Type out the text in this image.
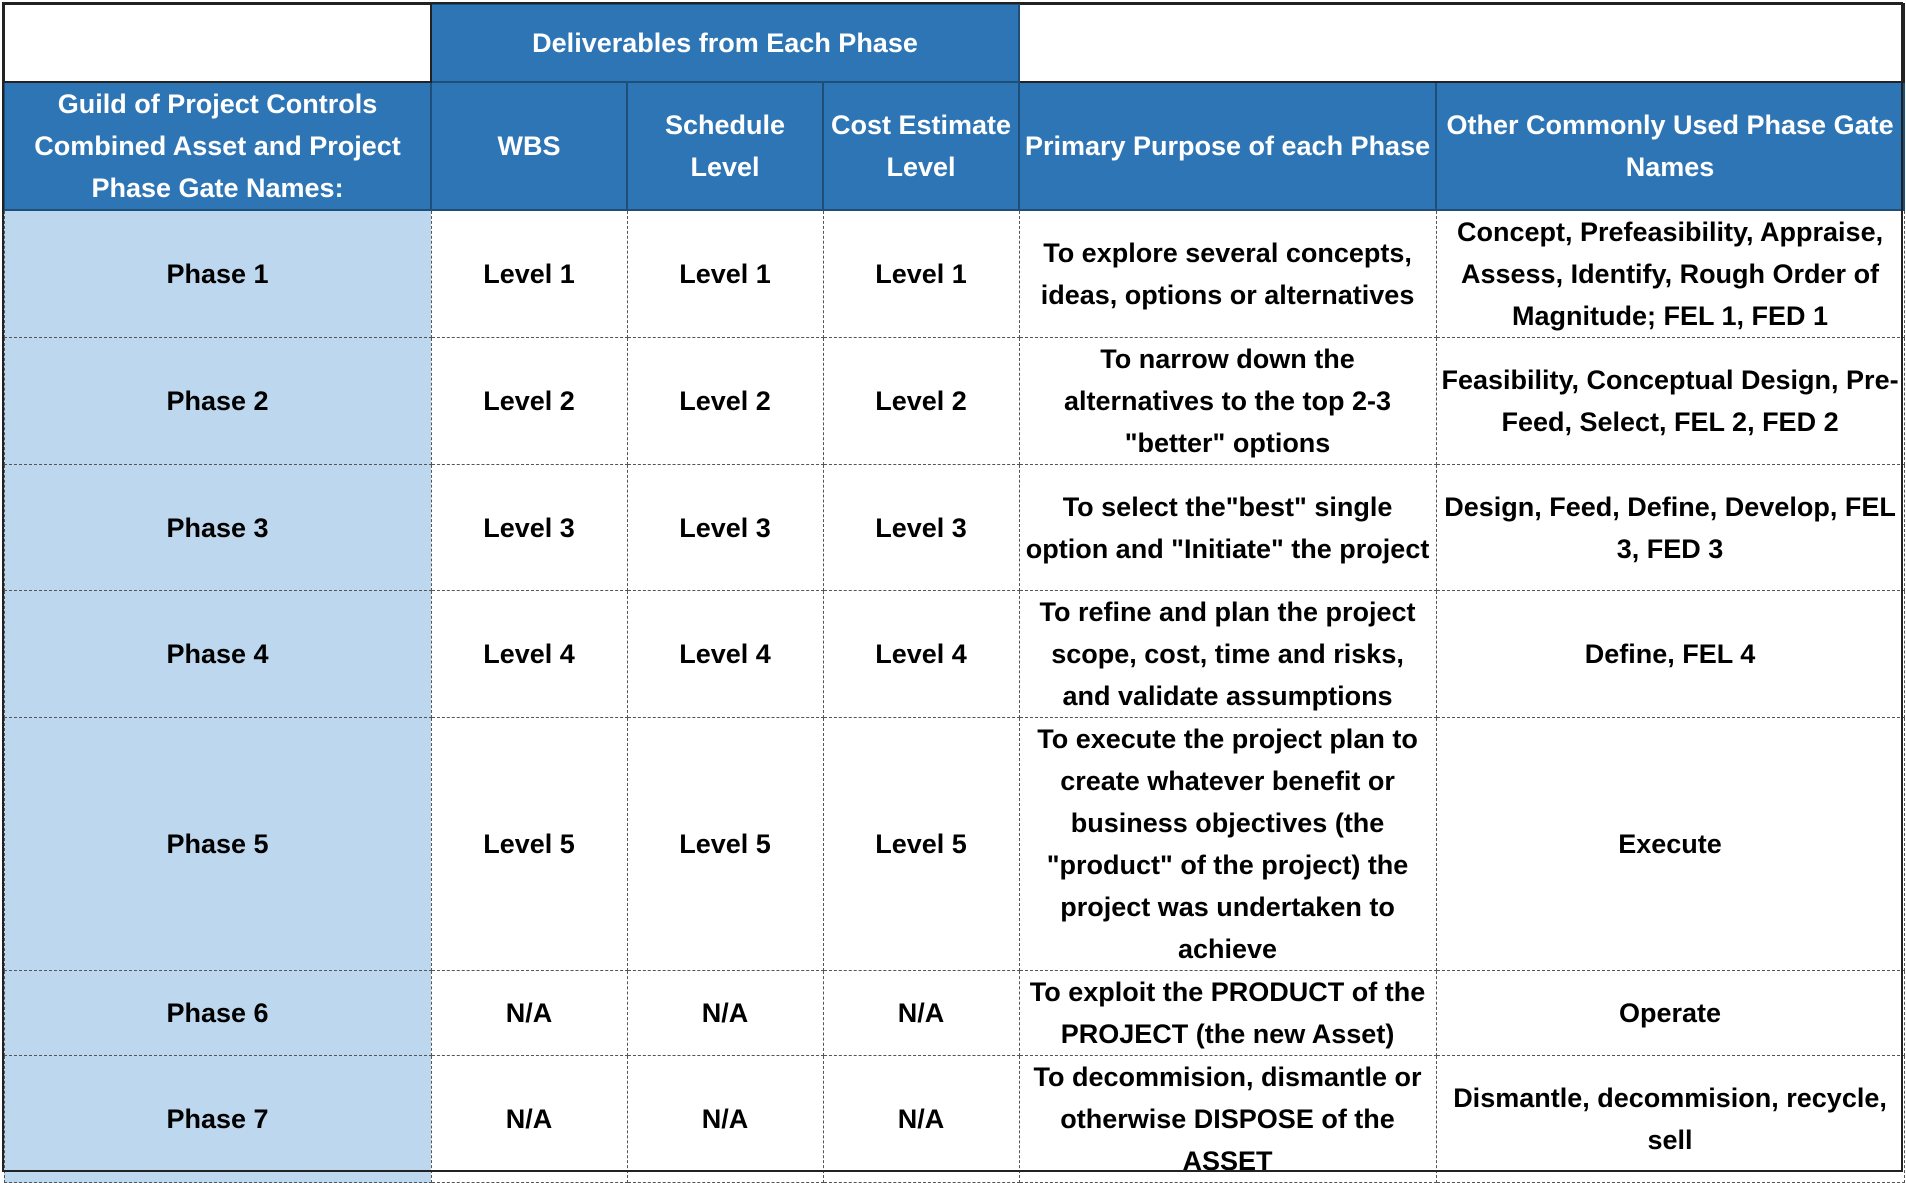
	Deliverables from Each Phase				
Guild of Project Controls Combined Asset and Project Phase Gate Names:	WBS	Schedule Level	Cost Estimate Level	Primary Purpose of each Phase	Other Commonly Used Phase Gate Names
Phase 1	Level 1	Level 1	Level 1	To explore several concepts, ideas, options or alternatives	Concept, Prefeasibility, Appraise, Assess, Identify, Rough Order of Magnitude; FEL 1, FED 1
Phase 2	Level 2	Level 2	Level 2	To narrow down the alternatives to the top 2-3 "better" options	Feasibility, Conceptual Design, Pre-Feed, Select, FEL 2, FED 2
Phase 3	Level 3	Level 3	Level 3	To select the"best" single option and "Initiate" the project	Design, Feed, Define, Develop, FEL 3, FED 3
Phase 4	Level 4	Level 4	Level 4	To refine and plan the project scope, cost, time and risks, and validate assumptions	Define, FEL 4
Phase 5	Level 5	Level 5	Level 5	To execute the project plan to create whatever benefit or business objectives (the "product" of the project) the project was undertaken to achieve	Execute
Phase 6	N/A	N/A	N/A	To exploit the PRODUCT of the PROJECT (the new Asset)	Operate
Phase 7	N/A	N/A	N/A	To decommision, dismantle or otherwise DISPOSE of the ASSET	Dismantle, decommision, recycle, sell
